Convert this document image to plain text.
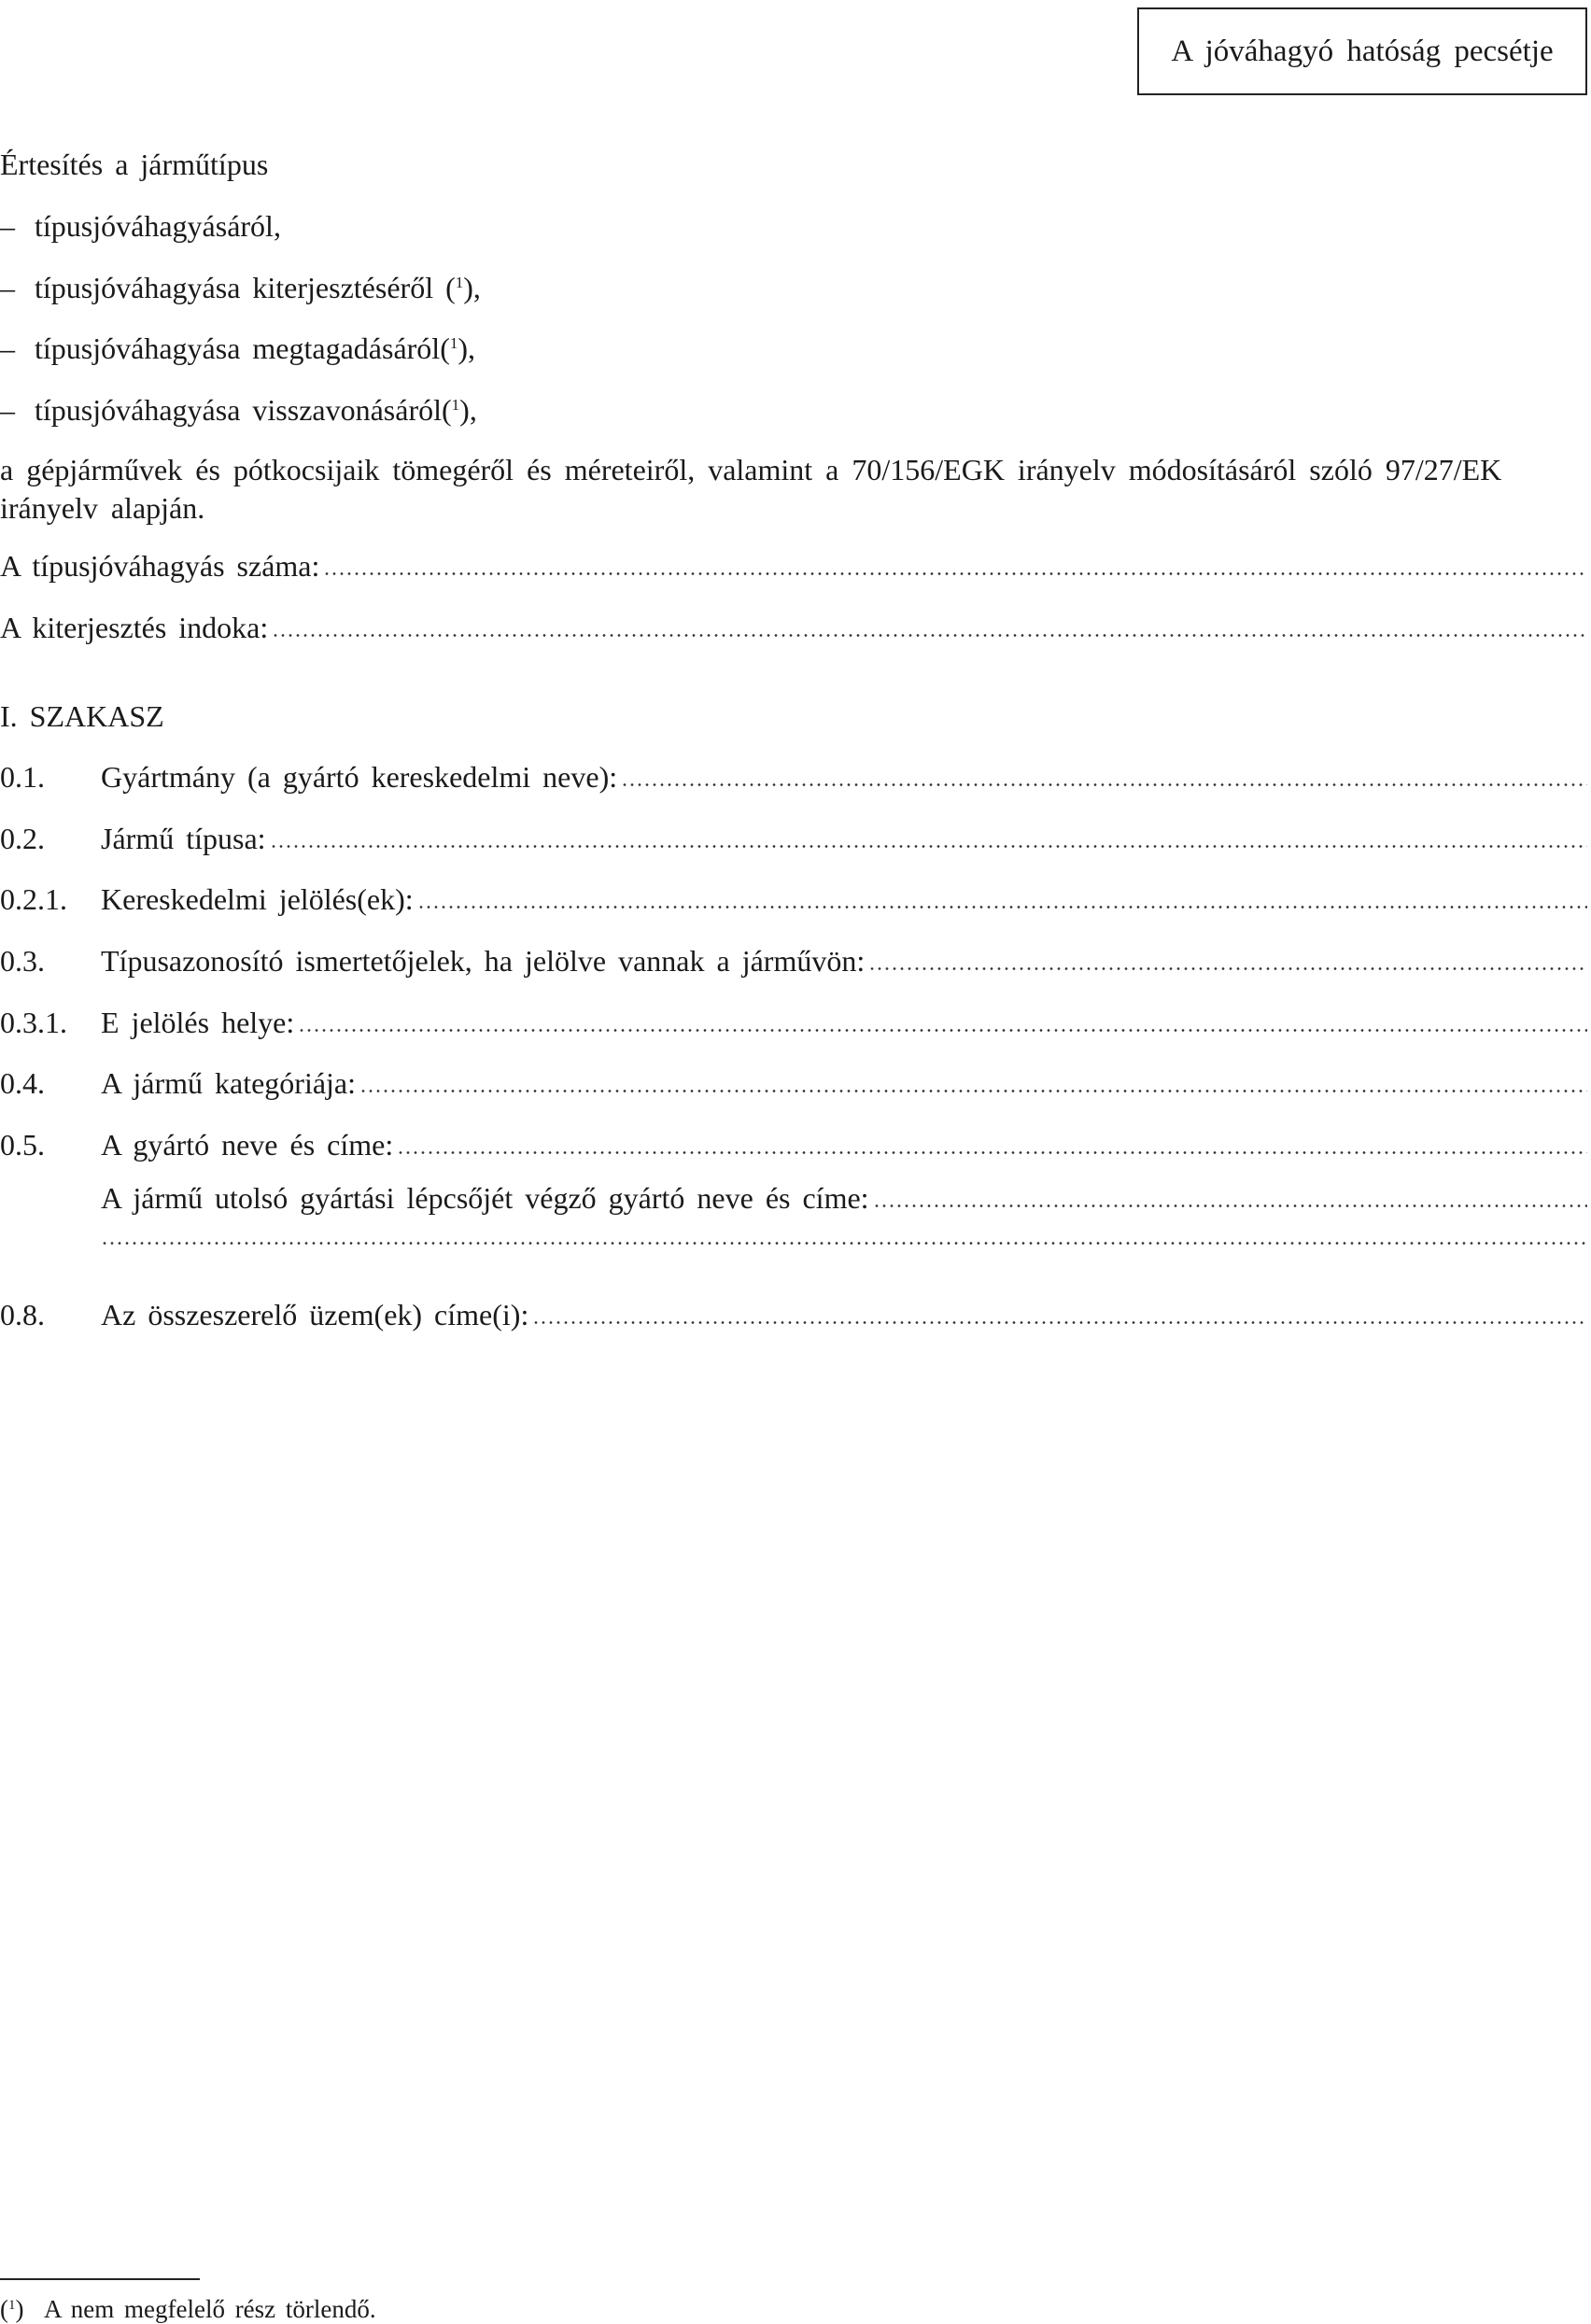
A jóváhagyó hatóság pecsétje
Értesítés a járműtípus
– típusjóváhagyásáról,
– típusjóváhagyása kiterjesztéséről ($^1$),
– típusjóváhagyása megtagadásáról($^1$),
– típusjóváhagyása visszavonásáról($^1$),
a gépjárművek és pótkocsijaik tömegéről és méreteiről, valamint a 70/156/EGK irányelv módosításáról szóló 97/27/EK irányelv alapján.
A típusjóváhagyás száma:
A kiterjesztés indoka:
I. SZAKASZ
0.1.	Gyártmány (a gyártó kereskedelmi neve):
0.2.	Jármű típusa:
0.2.1.	Kereskedelmi jelölés(ek):
0.3.	Típusazonosító ismertetőjelek, ha jelölve vannak a járművön:
0.3.1.	E jelölés helye:
0.4.	A jármű kategóriája:
0.5.	A gyártó neve és címe:
A jármű utolsó gyártási lépcsőjét végző gyártó neve és címe:
0.8.	Az összeszerelő üzem(ek) címe(i):
($^1$) A nem megfelelő rész törlendő.
